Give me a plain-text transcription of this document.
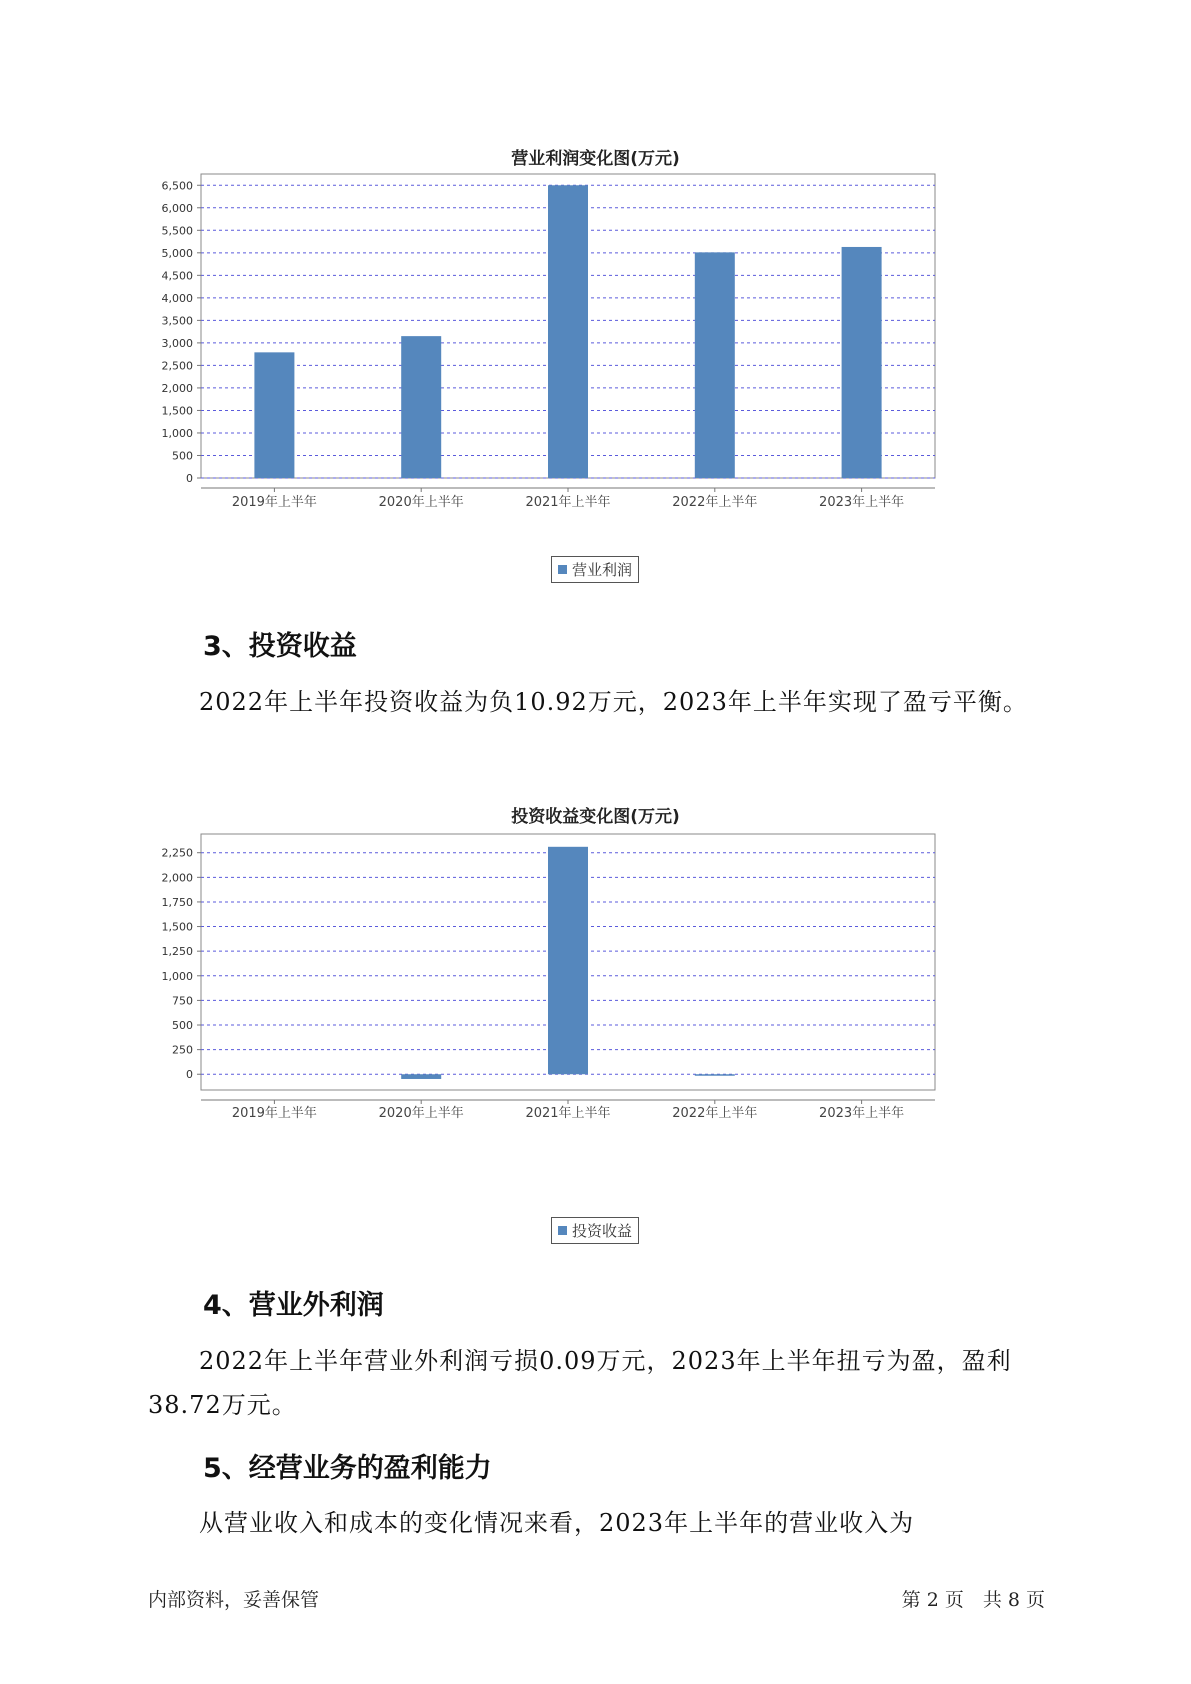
营业利润变化图(万元)
0
500
1,000
1,500
2,000
2,500
3,000
3,500
4,000
4,500
5,000
5,500
6,000
6,500
2019年上半年	2020年上半年	2021年上半年	2022年上半年	2023年上半年
营业利润
3、投资收益
2022年上半年投资收益为负10.92万元，2023年上半年实现了盈亏平衡。
投资收益变化图(万元)
0
250
500
750
1,000
1,250
1,500
1,750
2,000
2,250
2019年上半年	2020年上半年	2021年上半年	2022年上半年	2023年上半年
投资收益
4、营业外利润
2022年上半年营业外利润亏损0.09万元，2023年上半年扭亏为盈，盈利38.72万元。
5、经营业务的盈利能力
从营业收入和成本的变化情况来看，2023年上半年的营业收入为
内部资料，妥善保管	第 2 页　共 8 页
